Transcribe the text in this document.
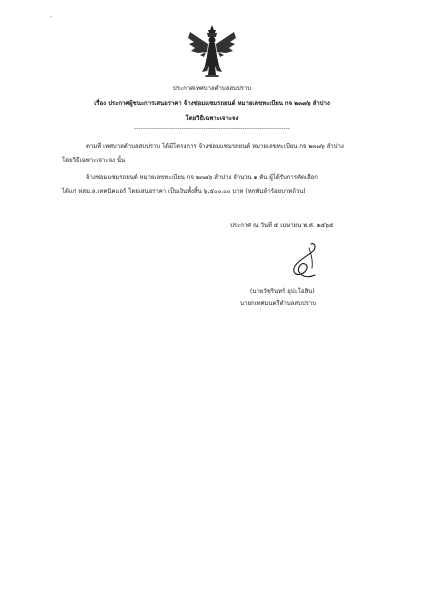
,
ประกาศเทศบาลตำบลสบปราบ
เรื่อง ประกาศผู้ชนะการเสนอราคา จ้างซ่อมแซมรถยนต์ หมายเลขทะเบียน กจ ๒๓๗๖ ลำปาง
โดยวิธีเฉพาะเจาะจง
------------------------------------------------------------------------
ตามที่ เทศบาลตำบลสบปราบ ได้มีโครงการ จ้างซ่อมแซมรถยนต์ หมายเลขทะเบียน กจ ๒๓๗๖ ลำปาง
โดยวิธีเฉพาะเจาะจง นั้น
จ้างซ่อมแซมรถยนต์ หมายเลขทะเบียน กจ ๒๓๗๖ ลำปาง จำนวน ๑ คัน ผู้ได้รับการคัดเลือก
ได้แก่ หสม.ล.เทคนิคแอร์ โดยเสนอราคา เป็นเงินทั้งสิ้น ๖,๕๐๐.๐๐ บาท (หกพันห้าร้อยบาทถ้วน)
ประกาศ ณ วันที่ ๕ เมษายน พ.ศ. ๒๕๖๕
(นายวัชรินทร์ อุปะโอสิน)
นายกเทศมนตรีตำบลสบปราบ
